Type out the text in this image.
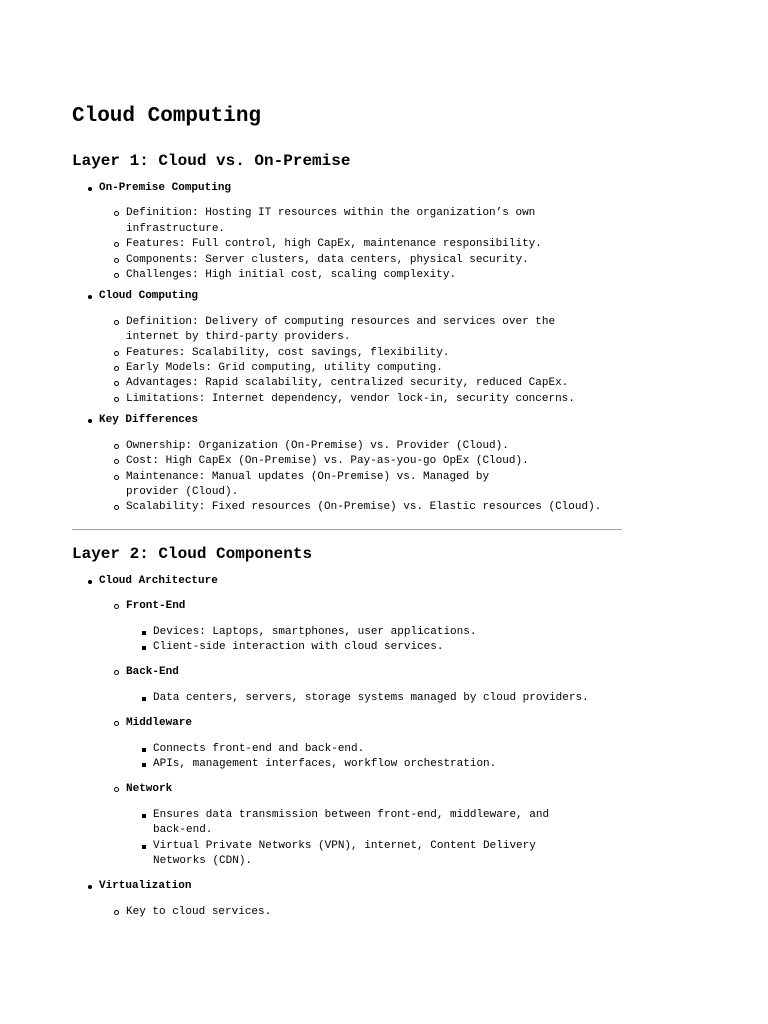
Cloud Computing
Layer 1: Cloud vs. On-Premise
On-Premise Computing
Definition: Hosting IT resources within the organization’s own infrastructure.
Features: Full control, high CapEx, maintenance responsibility.
Components: Server clusters, data centers, physical security.
Challenges: High initial cost, scaling complexity.
Cloud Computing
Definition: Delivery of computing resources and services over the internet by third-party providers.
Features: Scalability, cost savings, flexibility.
Early Models: Grid computing, utility computing.
Advantages: Rapid scalability, centralized security, reduced CapEx.
Limitations: Internet dependency, vendor lock-in, security concerns.
Key Differences
Ownership: Organization (On-Premise) vs. Provider (Cloud).
Cost: High CapEx (On-Premise) vs. Pay-as-you-go OpEx (Cloud).
Maintenance: Manual updates (On-Premise) vs. Managed by provider (Cloud).
Scalability: Fixed resources (On-Premise) vs. Elastic resources (Cloud).
Layer 2: Cloud Components
Cloud Architecture
Front-End
Devices: Laptops, smartphones, user applications.
Client-side interaction with cloud services.
Back-End
Data centers, servers, storage systems managed by cloud providers.
Middleware
Connects front-end and back-end.
APIs, management interfaces, workflow orchestration.
Network
Ensures data transmission between front-end, middleware, and back-end.
Virtual Private Networks (VPN), internet, Content Delivery Networks (CDN).
Virtualization
Key to cloud services.
